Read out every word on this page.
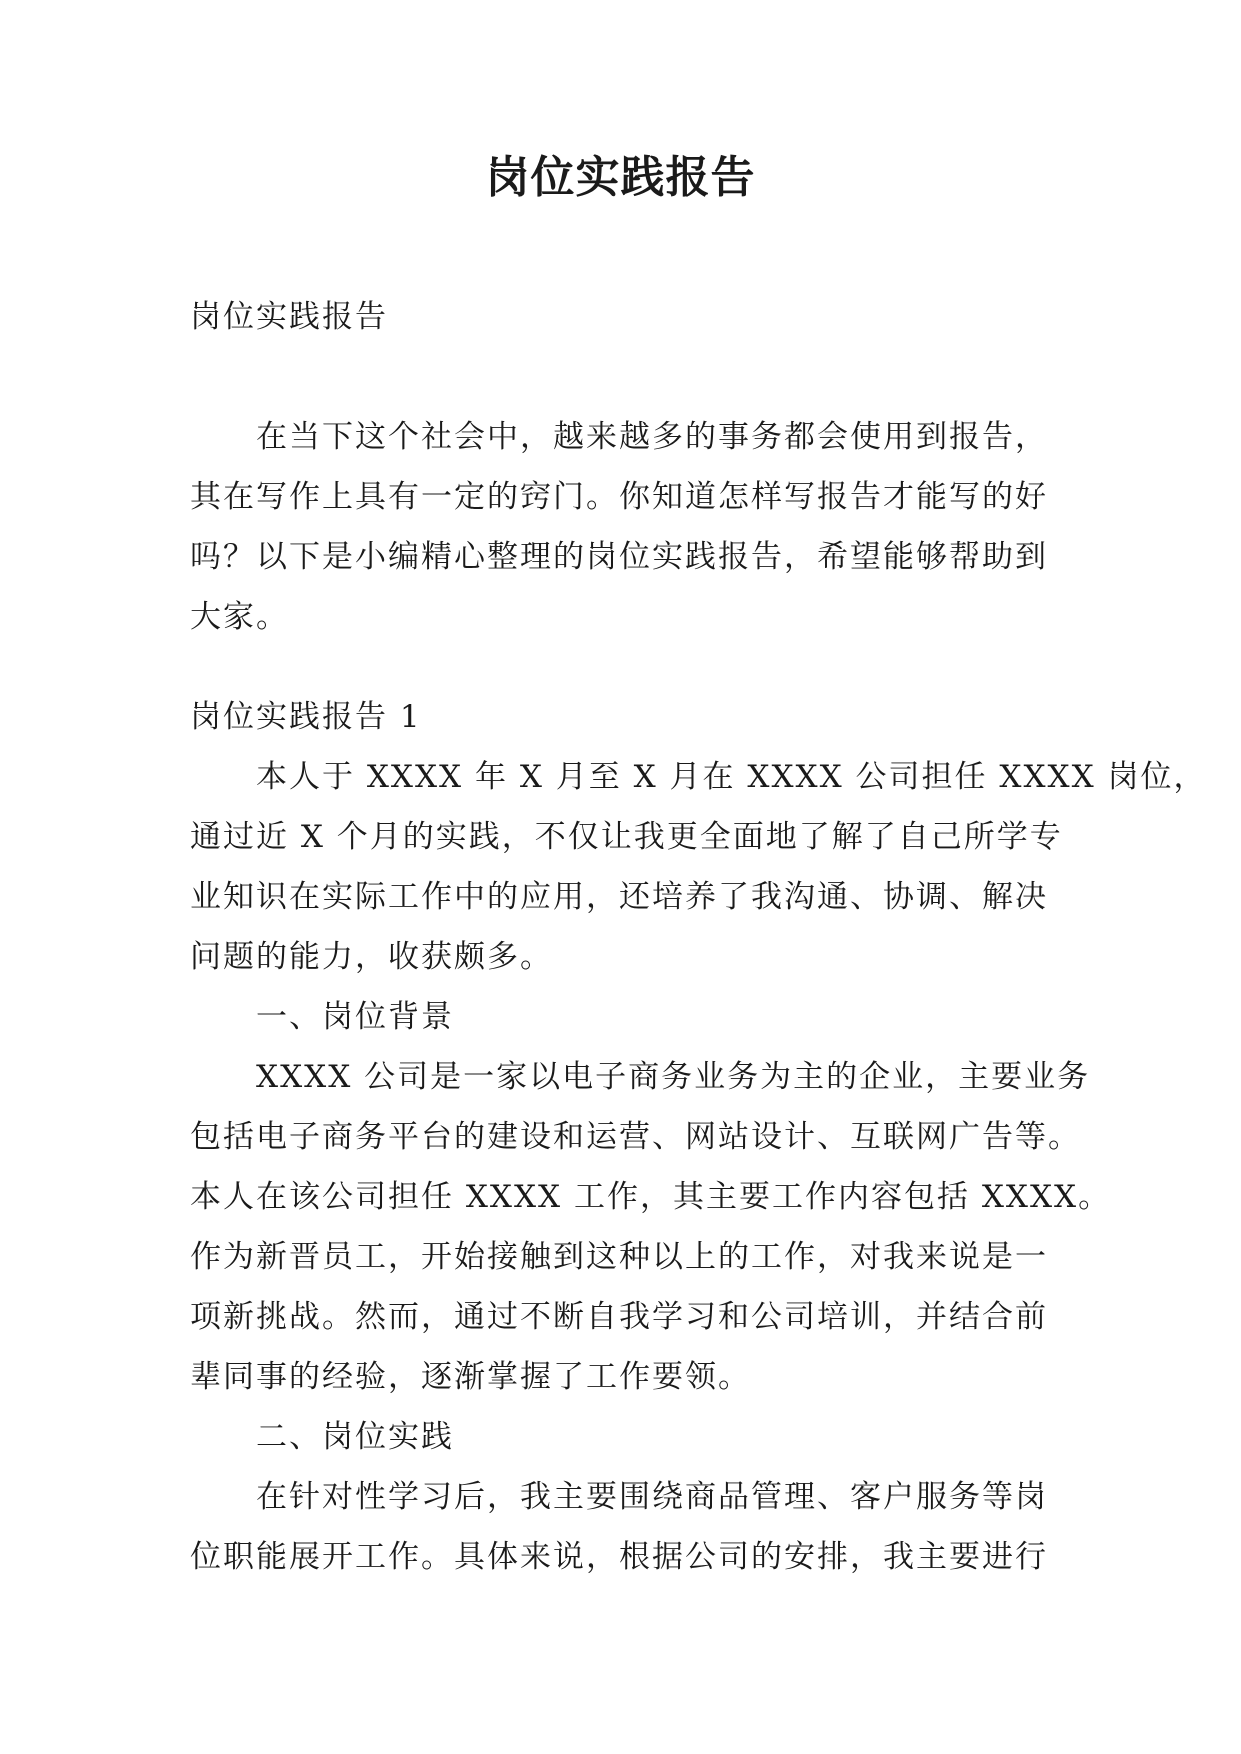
岗位实践报告

岗位实践报告

在当下这个社会中，越来越多的事务都会使用到报告，

其在写作上具有一定的窍门。你知道怎样写报告才能写的好

吗？以下是小编精心整理的岗位实践报告，希望能够帮助到

大家。

岗位实践报告 1

本人于 XXXX 年 X 月至 X 月在 XXXX 公司担任 XXXX 岗位，

通过近 X 个月的实践，不仅让我更全面地了解了自己所学专

业知识在实际工作中的应用，还培养了我沟通、协调、解决

问题的能力，收获颇多。

一、岗位背景

XXXX 公司是一家以电子商务业务为主的企业，主要业务

包括电子商务平台的建设和运营、网站设计、互联网广告等。

本人在该公司担任 XXXX 工作，其主要工作内容包括 XXXX。

作为新晋员工，开始接触到这种以上的工作，对我来说是一

项新挑战。然而，通过不断自我学习和公司培训，并结合前

辈同事的经验，逐渐掌握了工作要领。

二、岗位实践

在针对性学习后，我主要围绕商品管理、客户服务等岗

位职能展开工作。具体来说，根据公司的安排，我主要进行
